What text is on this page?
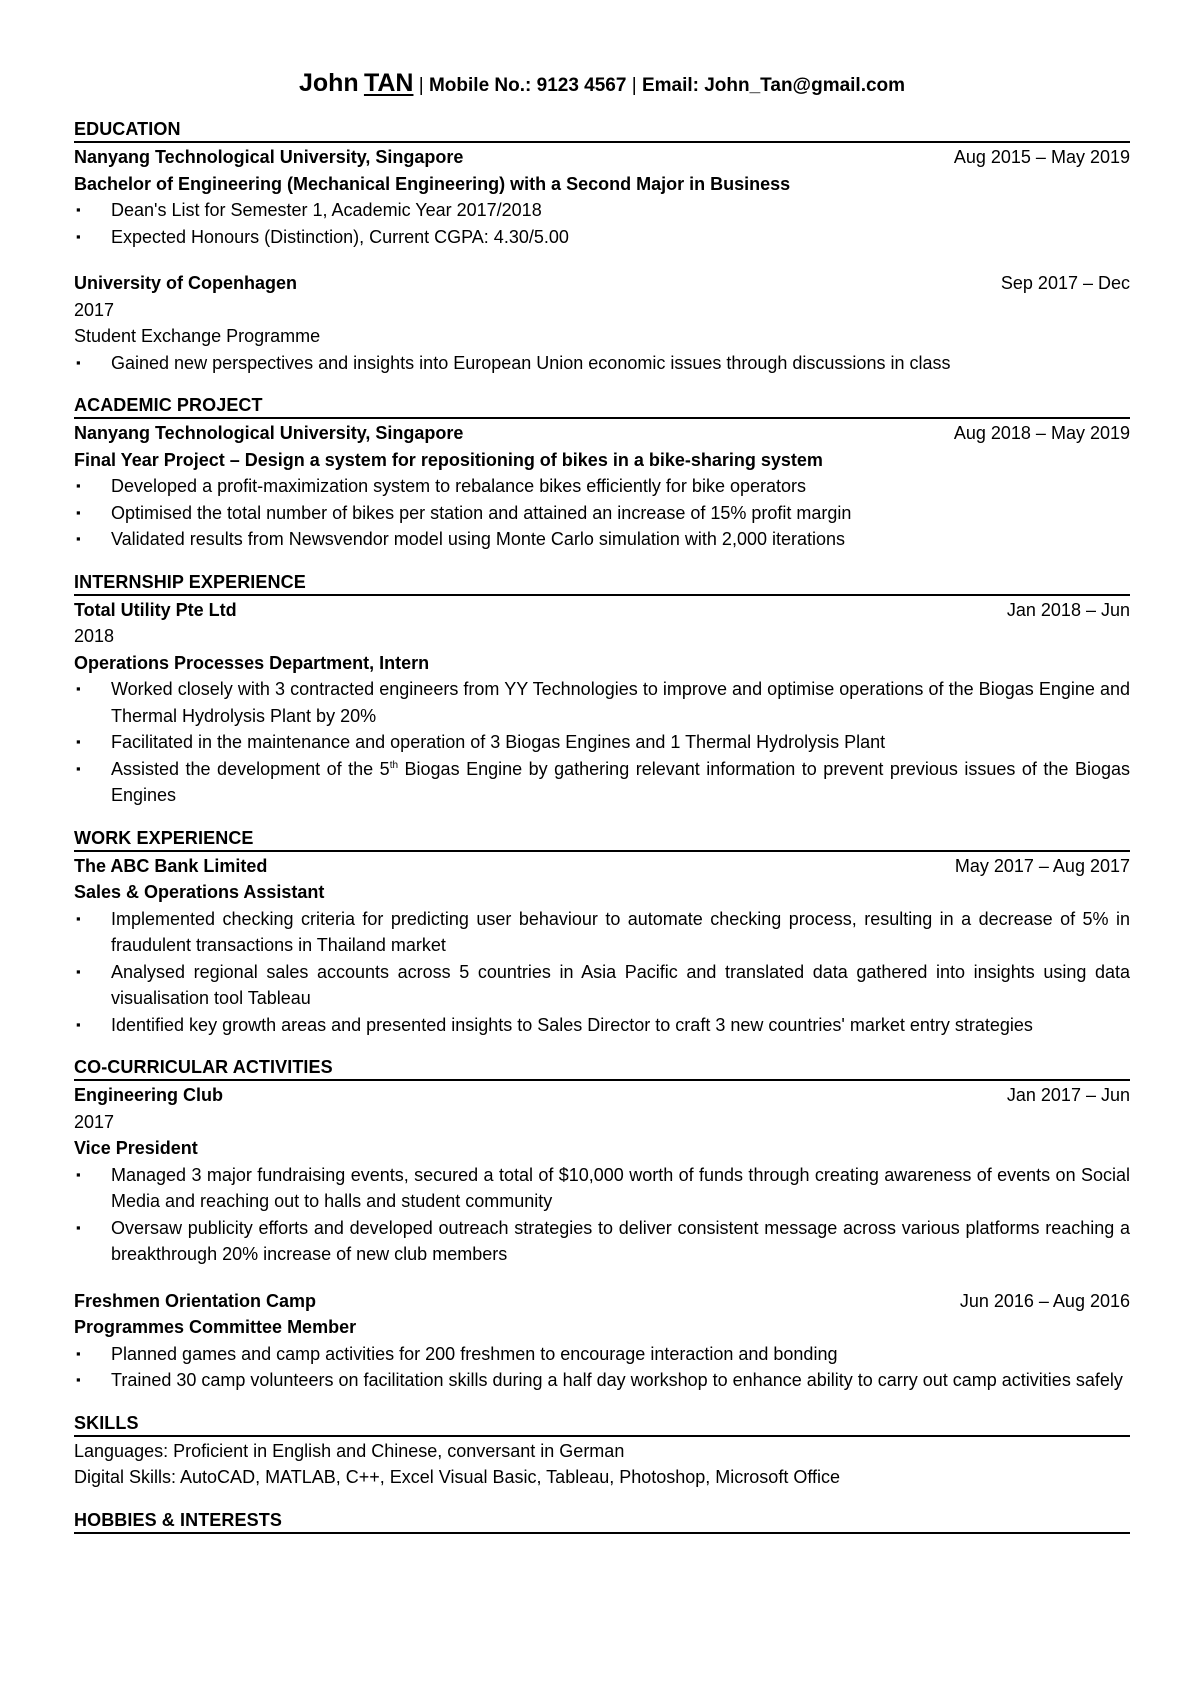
John TAN | Mobile No.: 9123 4567 | Email: John_Tan@gmail.com
EDUCATION
Nanyang Technological University, Singapore	Aug 2015 – May 2019
Bachelor of Engineering (Mechanical Engineering) with a Second Major in Business
▪ Dean's List for Semester 1, Academic Year 2017/2018
▪ Expected Honours (Distinction), Current CGPA: 4.30/5.00
University of Copenhagen	Sep 2017 – Dec
2017
Student Exchange Programme
▪ Gained new perspectives and insights into European Union economic issues through discussions in class
ACADEMIC PROJECT
Nanyang Technological University, Singapore	Aug 2018 – May 2019
Final Year Project – Design a system for repositioning of bikes in a bike-sharing system
▪ Developed a profit-maximization system to rebalance bikes efficiently for bike operators
▪ Optimised the total number of bikes per station and attained an increase of 15% profit margin
▪ Validated results from Newsvendor model using Monte Carlo simulation with 2,000 iterations
INTERNSHIP EXPERIENCE
Total Utility Pte Ltd	Jan 2018 – Jun
2018
Operations Processes Department, Intern
▪ Worked closely with 3 contracted engineers from YY Technologies to improve and optimise operations of the Biogas Engine and Thermal Hydrolysis Plant by 20%
▪ Facilitated in the maintenance and operation of 3 Biogas Engines and 1 Thermal Hydrolysis Plant
▪ Assisted the development of the 5th Biogas Engine by gathering relevant information to prevent previous issues of the Biogas Engines
WORK EXPERIENCE
The ABC Bank Limited	May 2017 – Aug 2017
Sales & Operations Assistant
▪ Implemented checking criteria for predicting user behaviour to automate checking process, resulting in a decrease of 5% in fraudulent transactions in Thailand market
▪ Analysed regional sales accounts across 5 countries in Asia Pacific and translated data gathered into insights using data visualisation tool Tableau
▪ Identified key growth areas and presented insights to Sales Director to craft 3 new countries' market entry strategies
CO-CURRICULAR ACTIVITIES
Engineering Club	Jan 2017 – Jun
2017
Vice President
▪ Managed 3 major fundraising events, secured a total of $10,000 worth of funds through creating awareness of events on Social Media and reaching out to halls and student community
▪ Oversaw publicity efforts and developed outreach strategies to deliver consistent message across various platforms reaching a breakthrough 20% increase of new club members
Freshmen Orientation Camp	Jun 2016 – Aug 2016
Programmes Committee Member
▪ Planned games and camp activities for 200 freshmen to encourage interaction and bonding
▪ Trained 30 camp volunteers on facilitation skills during a half day workshop to enhance ability to carry out camp activities safely
SKILLS
Languages: Proficient in English and Chinese, conversant in German
Digital Skills: AutoCAD, MATLAB, C++, Excel Visual Basic, Tableau, Photoshop, Microsoft Office
HOBBIES & INTERESTS
